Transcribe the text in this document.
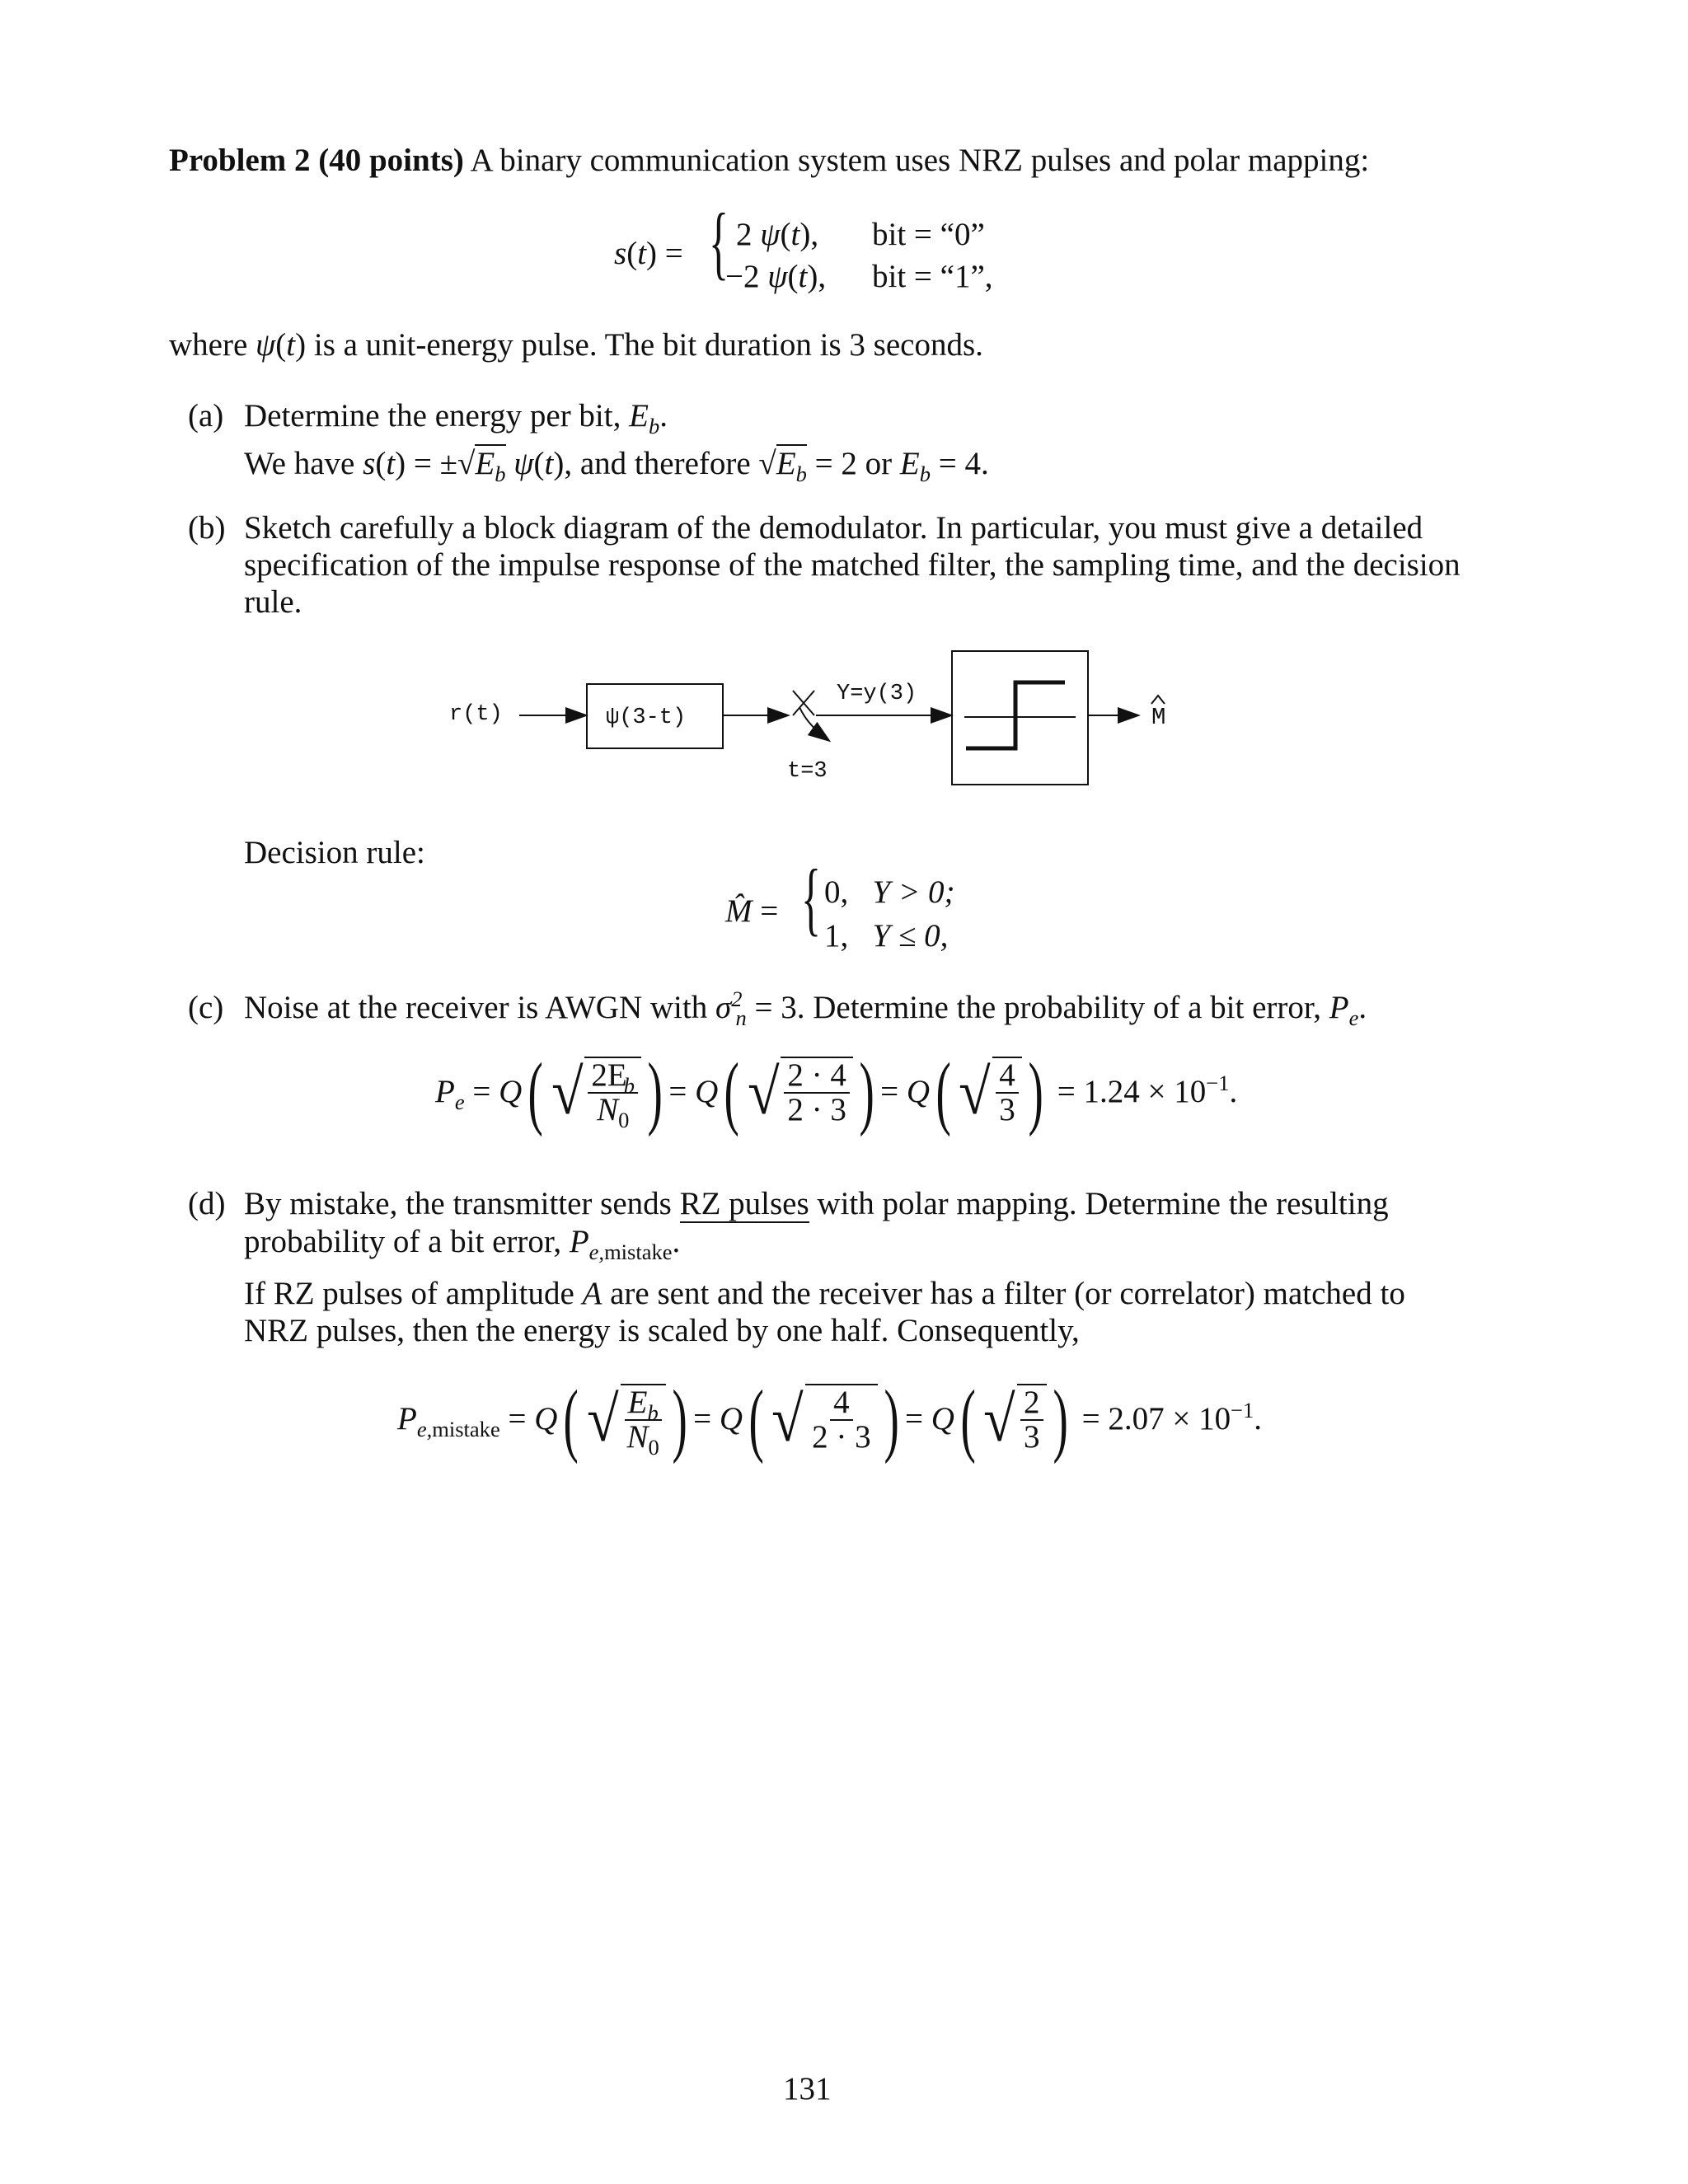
Problem 2 (40 points) A binary communication system uses NRZ pulses and polar mapping:
s(t) = { 2 ψ(t), bit = “0”
−2 ψ(t), bit = “1”,
where ψ(t) is a unit-energy pulse. The bit duration is 3 seconds.
(a) Determine the energy per bit, $E_b$.
We have $s(t) = \pm√E_b$ ψ(t), and therefore $√E_b = 2$ or $E_b = 4$.
(b) Sketch carefully a block diagram of the demodulator. In particular, you must give a detailed
specification of the impulse response of the matched filter, the sampling time, and the decision
rule.
r(t)	ψ(3-t)
t=3
Y=y(3)
M
Decision rule:
M̂ = { 0, Y > 0;
1, Y ≤ 0,
(c) Noise at the receiver is AWGN with $\sigma^2_n = 3$. Determine the probability of a bit error, $P_e$.
$P_e = Q$ ( √ $\frac{2E_b}{N_0}$ ) = Q ( √ $\frac{2 \cdot 4}{2 \cdot 3}$ ) = Q ( √ $\frac{4}{3}$ ) = $1.24 \times 10^{-1}$.
(d) By mistake, the transmitter sends RZ pulses with polar mapping. Determine the resulting
probability of a bit error, $P_{e,mistake}$.
If RZ pulses of amplitude A are sent and the receiver has a filter (or correlator) matched to
NRZ pulses, then the energy is scaled by one half. Consequently,
$P_{e,mistake} = Q$ ( √ $\frac{E_b}{N_0}$ ) = Q ( √ $\frac{4}{2 \cdot 3}$ ) = Q ( √ $\frac{2}{3}$ ) = $2.07 \times 10^{-1}$.
131
